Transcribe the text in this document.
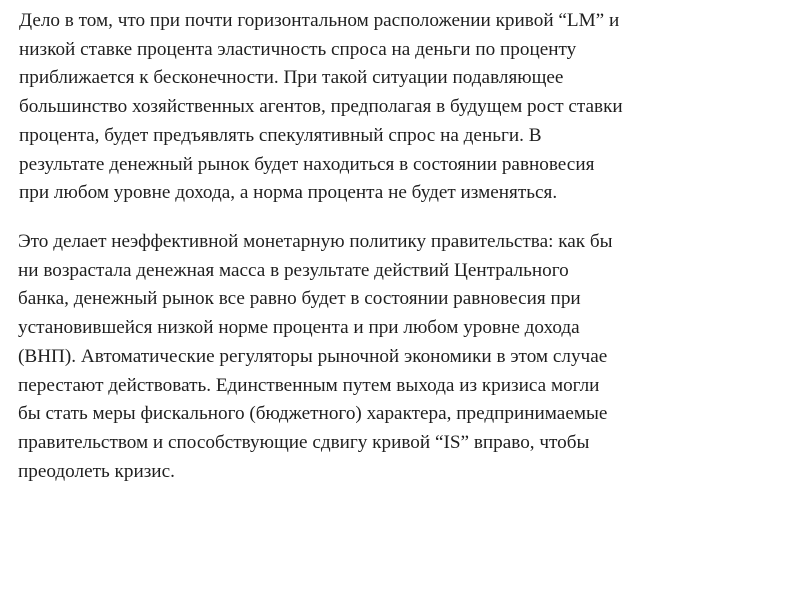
Дело в том, что при почти горизонтальном расположении кривой “LM” и
низкой ставке процента эластичность спроса на деньги по проценту
приближается к бесконечности. При такой ситуации подавляющее
большинство хозяйственных агентов, предполагая в будущем рост ставки
процента, будет предъявлять спекулятивный спрос на деньги. В
результате денежный рынок будет находиться в состоянии равновесия
при любом уровне дохода, а норма процента не будет изменяться.
Это делает неэффективной монетарную политику правительства: как бы
ни возрастала денежная масса в результате действий Центрального
банка, денежный рынок все равно будет в состоянии равновесия при
установившейся низкой норме процента и при любом уровне дохода
(ВНП). Автоматические регуляторы рыночной экономики в этом случае
перестают действовать. Единственным путем выхода из кризиса могли
бы стать меры фискального (бюджетного) характера, предпринимаемые
правительством и способствующие сдвигу кривой “IS” вправо, чтобы
преодолеть кризис.
